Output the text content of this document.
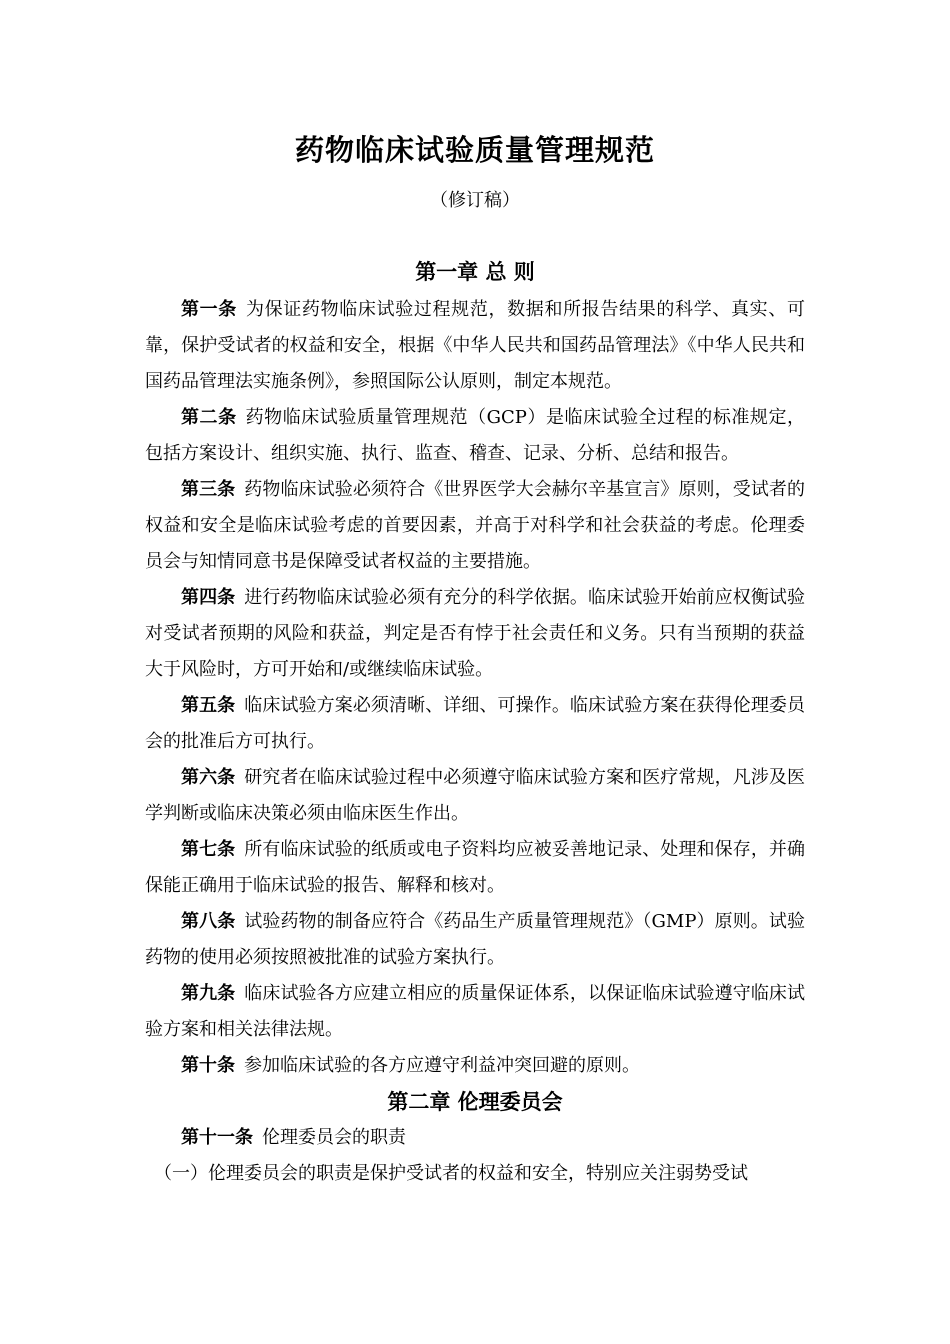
药物临床试验质量管理规范
（修订稿）
第一章 总 则

第一条 为保证药物临床试验过程规范，数据和所报告结果的科学、真实、可靠，保护受试者的权益和安全，根据《中华人民共和国药品管理法》《中华人民共和国药品管理法实施条例》，参照国际公认原则，制定本规范。

第二条 药物临床试验质量管理规范（GCP）是临床试验全过程的标准规定，包括方案设计、组织实施、执行、监查、稽查、记录、分析、总结和报告。

第三条 药物临床试验必须符合《世界医学大会赫尔辛基宣言》原则，受试者的权益和安全是临床试验考虑的首要因素，并高于对科学和社会获益的考虑。伦理委员会与知情同意书是保障受试者权益的主要措施。

第四条 进行药物临床试验必须有充分的科学依据。临床试验开始前应权衡试验对受试者预期的风险和获益，判定是否有悖于社会责任和义务。只有当预期的获益大于风险时，方可开始和/或继续临床试验。

第五条 临床试验方案必须清晰、详细、可操作。临床试验方案在获得伦理委员会的批准后方可执行。

第六条 研究者在临床试验过程中必须遵守临床试验方案和医疗常规，凡涉及医学判断或临床决策必须由临床医生作出。

第七条 所有临床试验的纸质或电子资料均应被妥善地记录、处理和保存，并确保能正确用于临床试验的报告、解释和核对。

第八条 试验药物的制备应符合《药品生产质量管理规范》（GMP）原则。试验药物的使用必须按照被批准的试验方案执行。

第九条 临床试验各方应建立相应的质量保证体系，以保证临床试验遵守临床试验方案和相关法律法规。

第十条 参加临床试验的各方应遵守利益冲突回避的原则。

第二章 伦理委员会

第十一条 伦理委员会的职责

（一）伦理委员会的职责是保护受试者的权益和安全，特别应关注弱势受试
